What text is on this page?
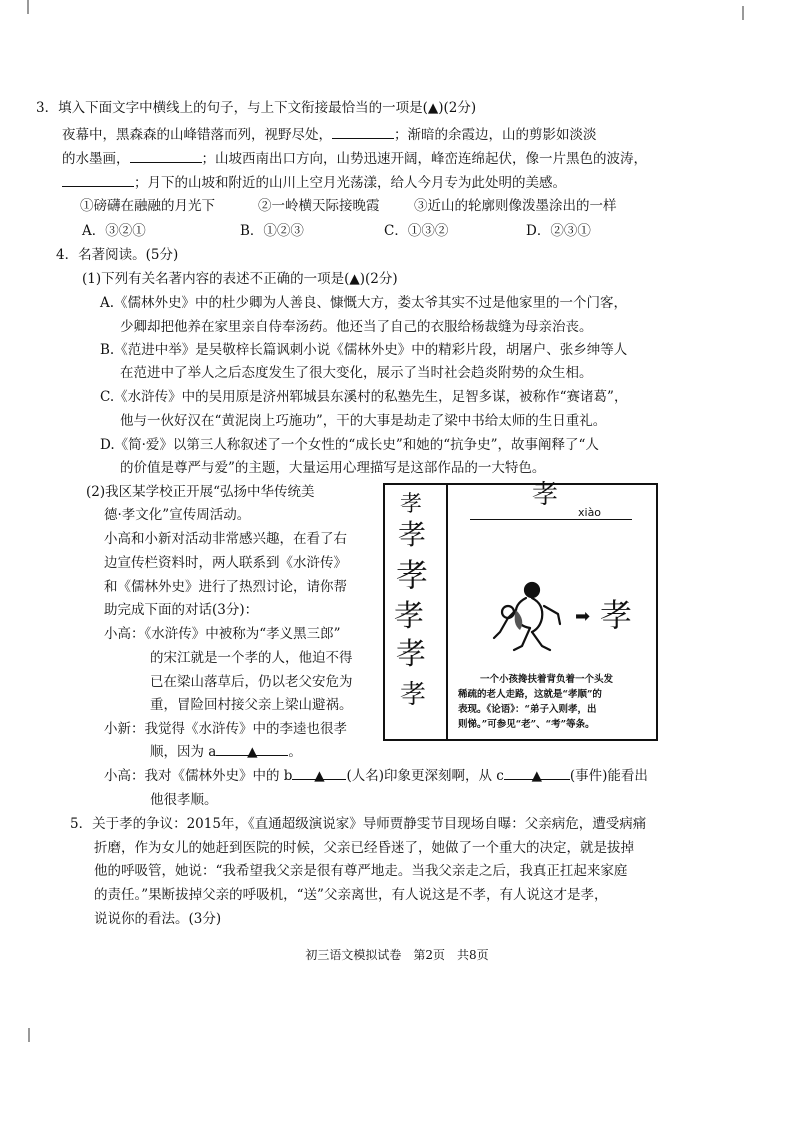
3．填入下面文字中横线上的句子，与上下文衔接最恰当的一项是(▲)(2分)
夜幕中，黑森森的山峰错落而列，视野尽处，	；渐暗的余霞边，山的剪影如淡淡
的水墨画，	；山坡西南出口方向，山势迅速开阔，峰峦连绵起伏，像一片黑色的波涛，
；月下的山坡和附近的山川上空月光荡漾，给人今月专为此处明的美感。
①磅礴在融融的月光下	②一岭横天际接晚霞	③近山的轮廓则像泼墨涂出的一样
A．③②①	B．①②③	C．①③②	D．②③①
4．名著阅读。(5分)
(1)下列有关名著内容的表述不正确的一项是(▲)(2分)
A.《儒林外史》中的杜少卿为人善良、慷慨大方，娄太爷其实不过是他家里的一个门客，
少卿却把他养在家里亲自侍奉汤药。他还当了自己的衣服给杨裁缝为母亲治丧。
B.《范进中举》是吴敬梓长篇讽刺小说《儒林外史》中的精彩片段，胡屠户、张乡绅等人
在范进中了举人之后态度发生了很大变化，展示了当时社会趋炎附势的众生相。
C.《水浒传》中的吴用原是济州郓城县东溪村的私塾先生，足智多谋，被称作“赛诸葛”，
他与一伙好汉在“黄泥岗上巧施功”，干的大事是劫走了梁中书给太师的生日重礼。
D.《简·爱》以第三人称叙述了一个女性的“成长史”和她的“抗争史”，故事阐释了“人
的价值是尊严与爱”的主题，大量运用心理描写是这部作品的一大特色。
(2)我区某学校正开展“弘扬中华传统美
德·孝文化”宣传周活动。
小高和小新对活动非常感兴趣，在看了右
边宣传栏资料时，两人联系到《水浒传》
和《儒林外史》进行了热烈讨论，请你帮
助完成下面的对话(3分)：
小高：《水浒传》中被称为“孝义黑三郎”
的宋江就是一个孝的人，他迫不得
已在梁山落草后，仍以老父安危为
重，冒险回村接父亲上梁山避祸。
小新：我觉得《水浒传》中的李逵也很孝
顺，因为 a ▲ 。
小高：我对《儒林外史》中的 b ▲ (人名)印象更深刻啊，从 c ▲ (事件)能看出
他很孝顺。
孝
孝
孝
孝
孝
孝
孝
xiào
➡ 孝
一个小孩搀扶着背负着一个头发
稀疏的老人走路，这就是“孝顺”的
表现。《论语》：“弟子入则孝，出
则悌。”可参见“老”、“考”等条。
5．关于孝的争议：2015年，《直通超级演说家》导师贾静雯节目现场自曝：父亲病危，遭受病痛
折磨，作为女儿的她赶到医院的时候，父亲已经昏迷了，她做了一个重大的决定，就是拔掉
他的呼吸管，她说：“我希望我父亲是很有尊严地走。当我父亲走之后，我真正扛起来家庭
的责任。”果断拔掉父亲的呼吸机，“送”父亲离世，有人说这是不孝，有人说这才是孝，
说说你的看法。(3分)
初三语文模拟试卷　第2页　共8页
